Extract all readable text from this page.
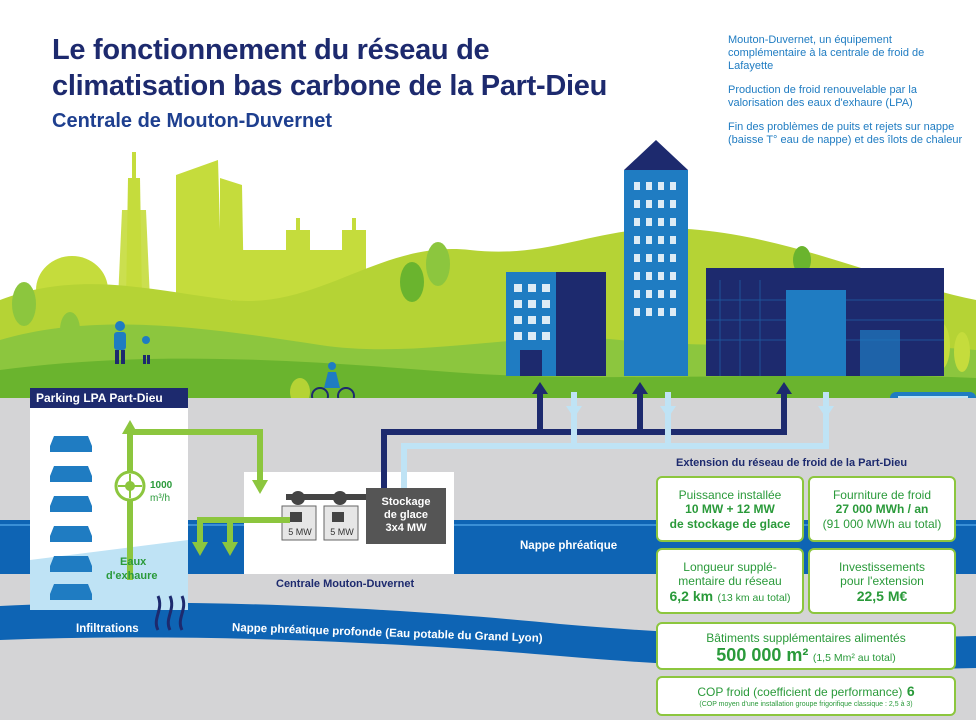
Le fonctionnement du réseau de
climatisation bas carbone de la Part-Dieu
Centrale de Mouton-Duvernet
Mouton-Duvernet, un équipement complémentaire à la centrale de froid de Lafayette
Production de froid renouvelable par la valorisation des eaux d'exhaure (LPA)
Fin des problèmes de puits et rejets sur nappe (baisse T° eau de nappe) et des îlots de chaleur
Parking LPA Part-Dieu
1000
m³/h
Eaux
d'exhaure
5 MW	5 MW
Stockage
de glace
3x4 MW
Centrale Mouton-Duvernet
Nappe phréatique
Nappe phréatique profonde (Eau potable du Grand Lyon)
Infiltrations
Extension du réseau de froid de la Part-Dieu
Puissance installée
10 MW + 12 MW
de stockage de glace
Fourniture de froid
27 000 MWh / an
(91 000 MWh au total)
Longueur supplé-
mentaire du réseau
6,2 km (13 km au total)
Investissements
pour l'extension
22,5 M€
Bâtiments supplémentaires alimentés
500 000 m² (1,5 Mm² au total)
COP froid (coefficient de performance) 6
(COP moyen d'une installation groupe frigorifique classique : 2,5 à 3)
